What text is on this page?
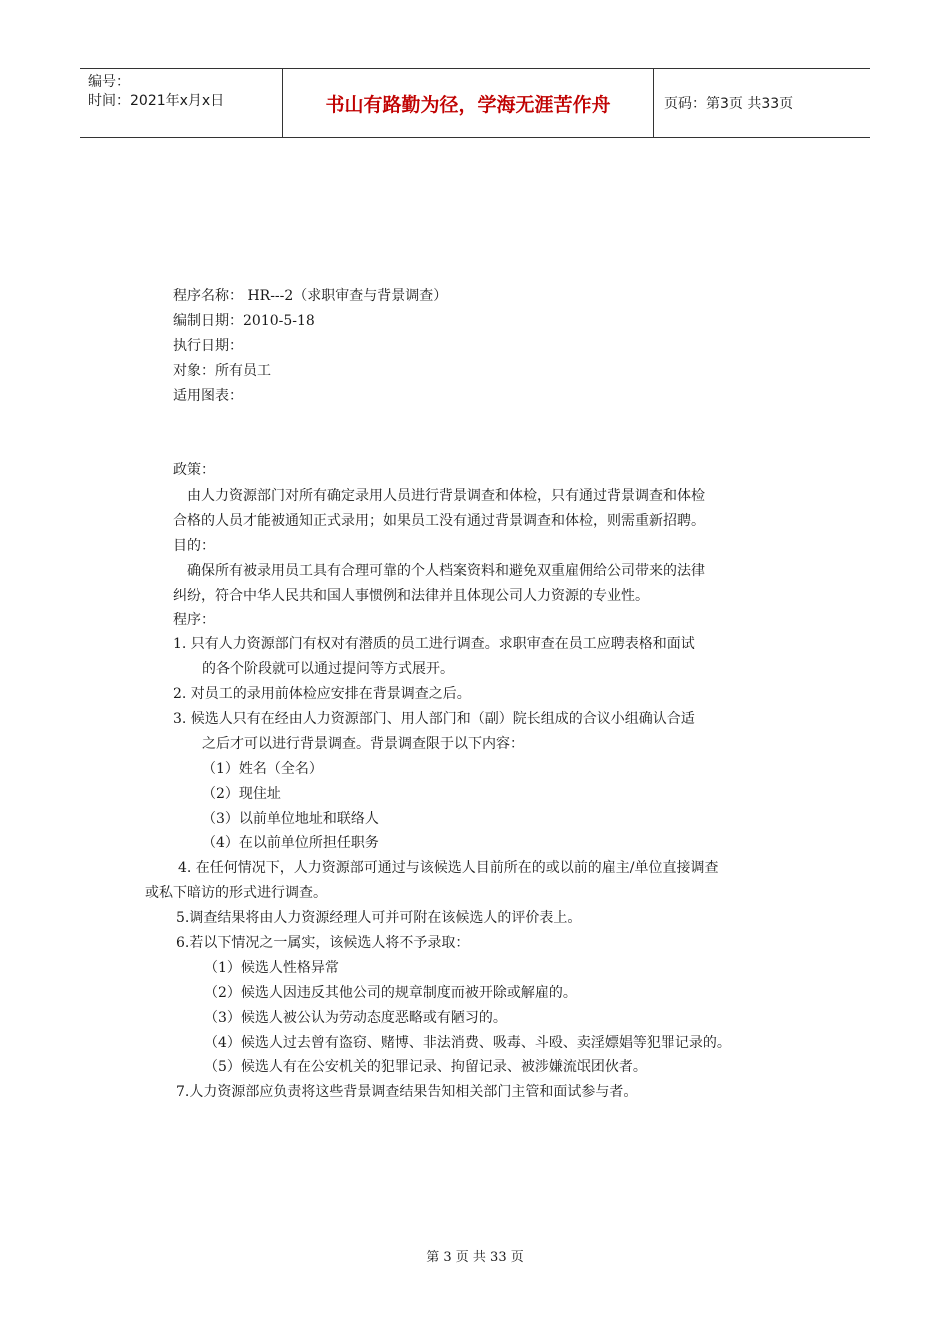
编号：
时间：2021年x月x日	书山有路勤为径，学海无涯苦作舟	页码：第3页 共33页
程序名称： HR---2（求职审查与背景调查）
编制日期：2010-5-18
执行日期：
对象：所有员工
适用图表：
政策：
由人力资源部门对所有确定录用人员进行背景调查和体检，只有通过背景调查和体检
合格的人员才能被通知正式录用；如果员工没有通过背景调查和体检，则需重新招聘。
目的：
确保所有被录用员工具有合理可靠的个人档案资料和避免双重雇佣给公司带来的法律
纠纷，符合中华人民共和国人事惯例和法律并且体现公司人力资源的专业性。
程序：
1. 只有人力资源部门有权对有潜质的员工进行调查。求职审查在员工应聘表格和面试
的各个阶段就可以通过提问等方式展开。
2. 对员工的录用前体检应安排在背景调查之后。
3. 候选人只有在经由人力资源部门、用人部门和（副）院长组成的合议小组确认合适
之后才可以进行背景调查。背景调查限于以下内容：
（1）姓名（全名）
（2）现住址
（3）以前单位地址和联络人
（4）在以前单位所担任职务
4. 在任何情况下，人力资源部可通过与该候选人目前所在的或以前的雇主/单位直接调查
或私下暗访的形式进行调查。
5.调查结果将由人力资源经理人可并可附在该候选人的评价表上。
6.若以下情况之一属实，该候选人将不予录取：
（1）候选人性格异常
（2）候选人因违反其他公司的规章制度而被开除或解雇的。
（3）候选人被公认为劳动态度恶略或有陋习的。
（4）候选人过去曾有盗窃、赌博、非法消费、吸毒、斗殴、卖淫嫖娼等犯罪记录的。
（5）候选人有在公安机关的犯罪记录、拘留记录、被涉嫌流氓团伙者。
7.人力资源部应负责将这些背景调查结果告知相关部门主管和面试参与者。
第 3 页 共 33 页
